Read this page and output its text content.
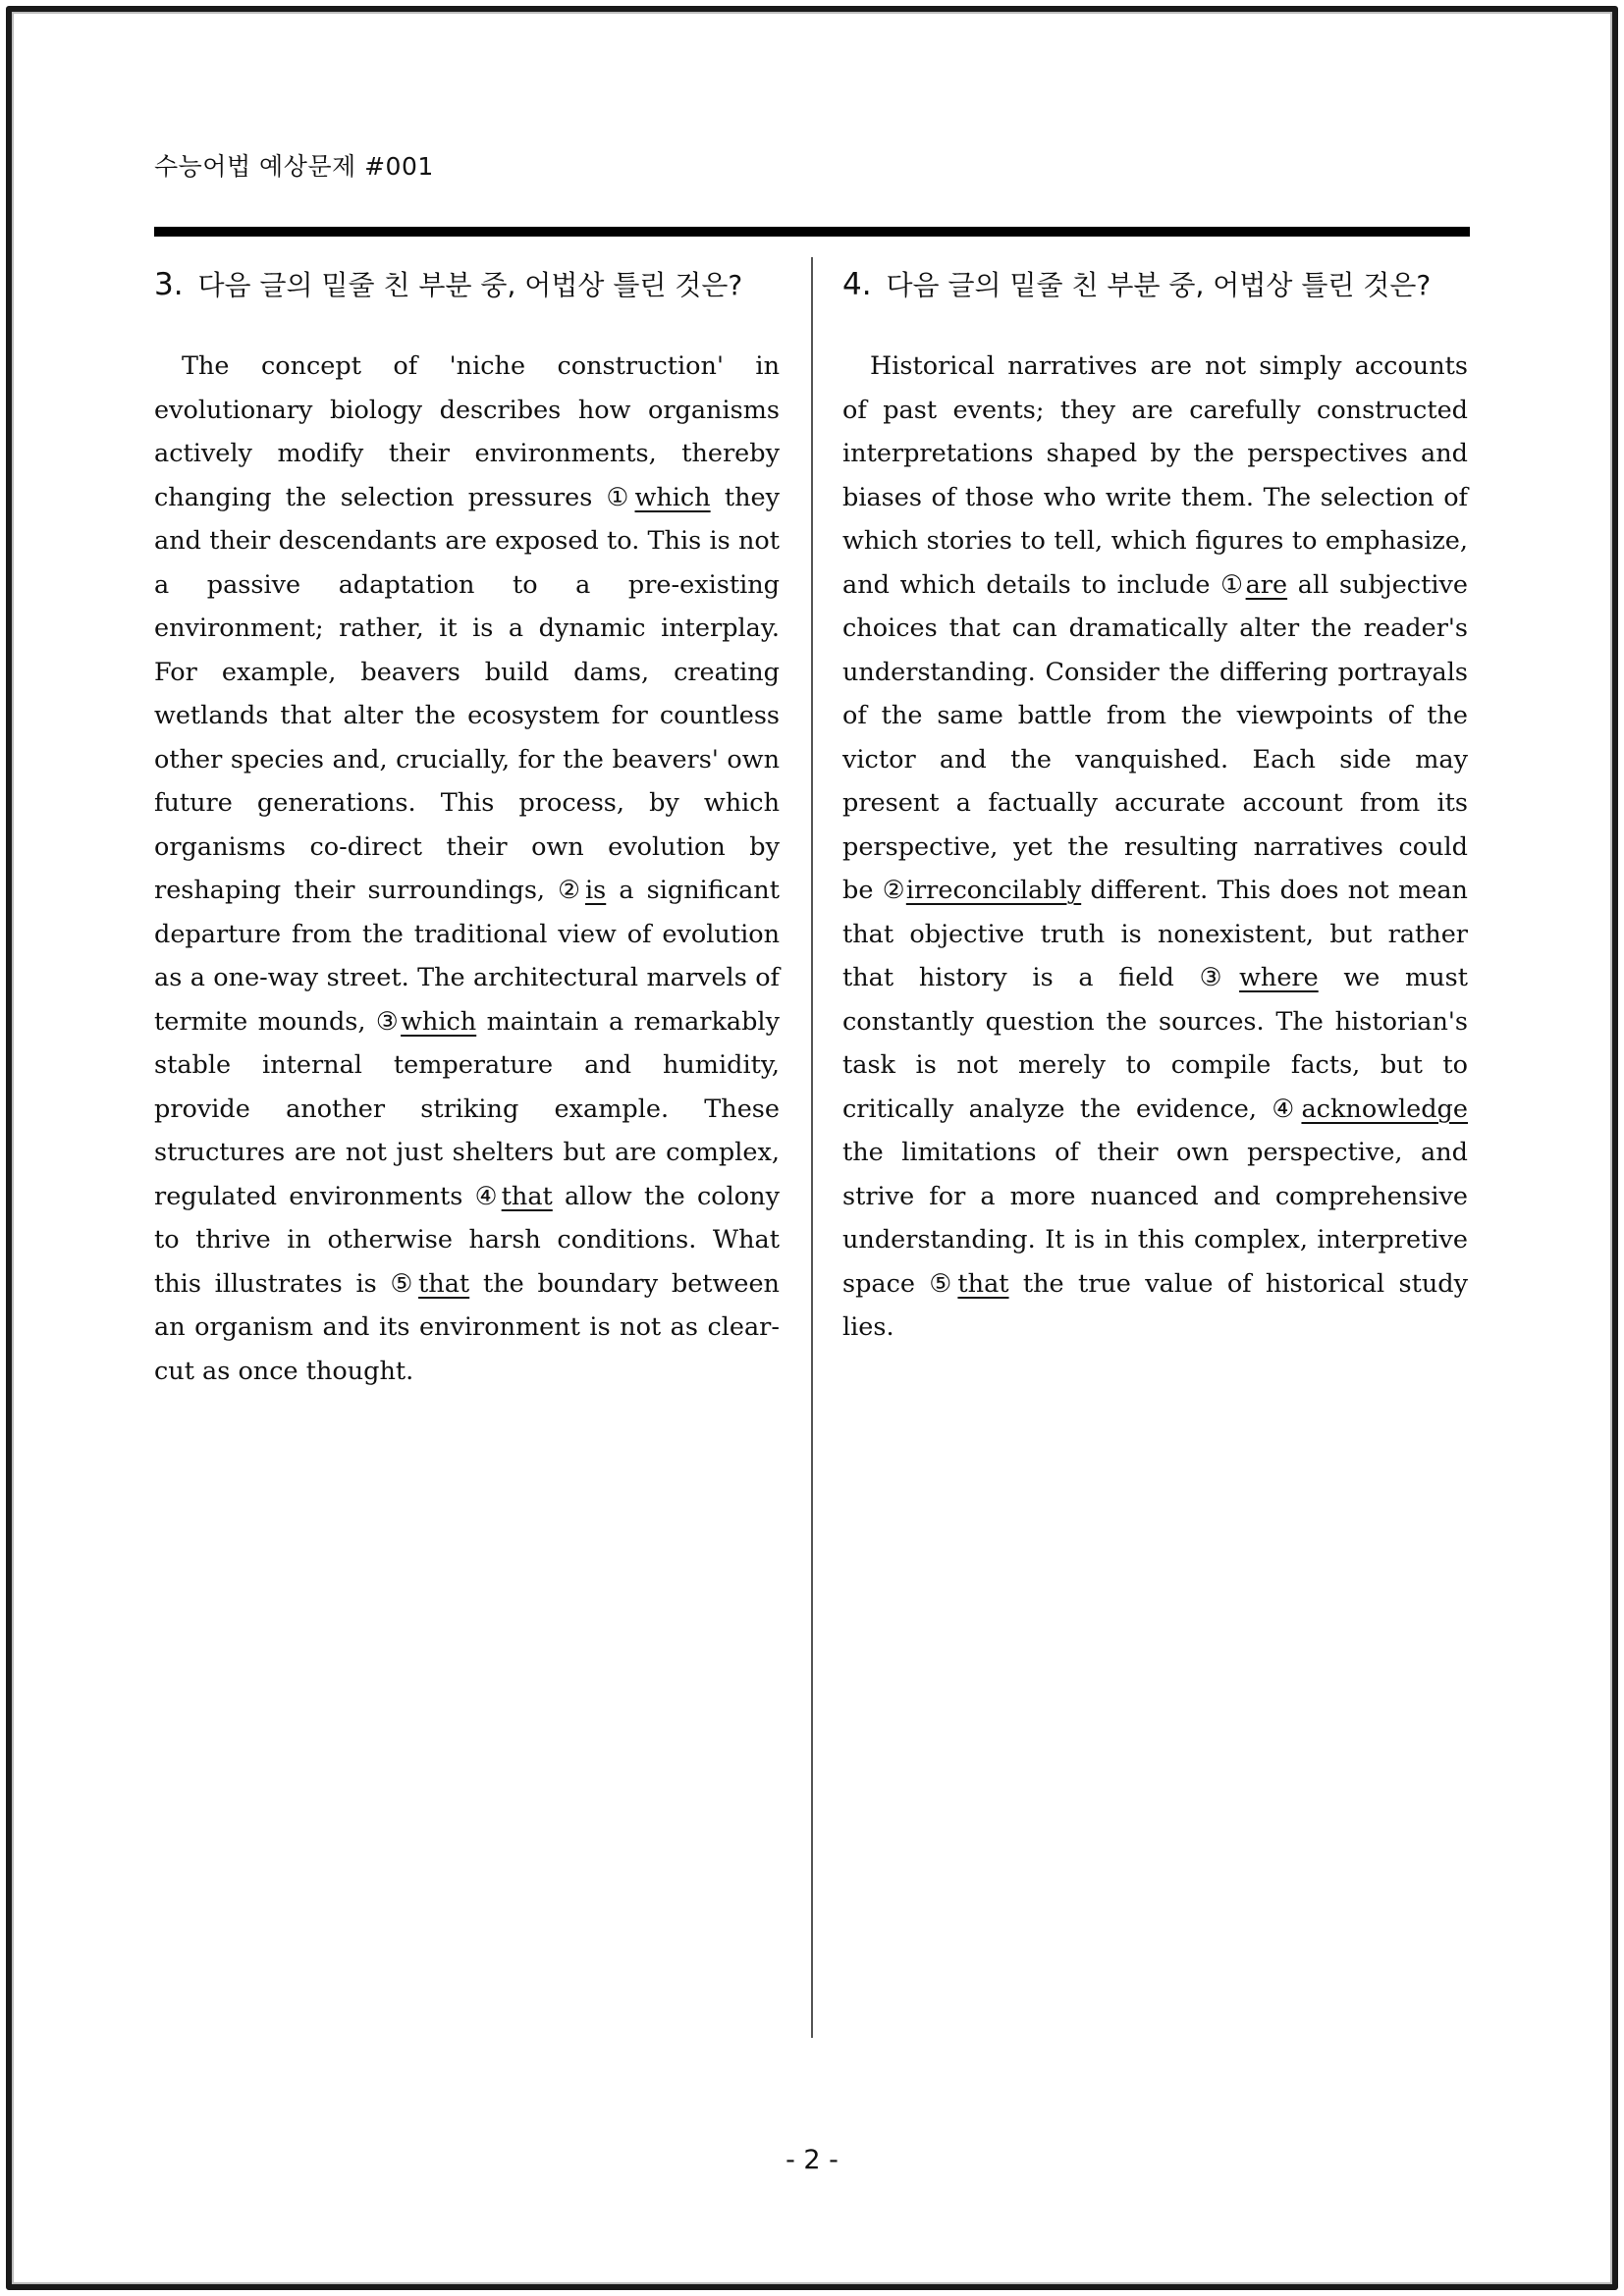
수능어법 예상문제 #001
3. 다음 글의 밑줄 친 부분 중, 어법상 틀린 것은?

The concept of 'niche construction' in evolutionary biology describes how organisms actively modify their environments, thereby changing the selection pressures ①which they and their descendants are exposed to. This is not a passive adaptation to a pre-existing environment; rather, it is a dynamic interplay. For example, beavers build dams, creating wetlands that alter the ecosystem for countless other species and, crucially, for the beavers' own future generations. This process, by which organisms co-direct their own evolution by reshaping their surroundings, ②is a significant departure from the traditional view of evolution as a one-way street. The architectural marvels of termite mounds, ③which maintain a remarkably stable internal temperature and humidity, provide another striking example. These structures are not just shelters but are complex, regulated environments ④that allow the colony to thrive in otherwise harsh conditions. What this illustrates is ⑤that the boundary between an organism and its environment is not as clear-cut as once thought.

4. 다음 글의 밑줄 친 부분 중, 어법상 틀린 것은?

Historical narratives are not simply accounts of past events; they are carefully constructed interpretations shaped by the perspectives and biases of those who write them. The selection of which stories to tell, which figures to emphasize, and which details to include ①are all subjective choices that can dramatically alter the reader's understanding. Consider the differing portrayals of the same battle from the viewpoints of the victor and the vanquished. Each side may present a factually accurate account from its perspective, yet the resulting narratives could be ②irreconcilably different. This does not mean that objective truth is nonexistent, but rather that history is a field ③where we must constantly question the sources. The historian's task is not merely to compile facts, but to critically analyze the evidence, ④acknowledge the limitations of their own perspective, and strive for a more nuanced and comprehensive understanding. It is in this complex, interpretive space ⑤that the true value of historical study lies.

- 2 -
